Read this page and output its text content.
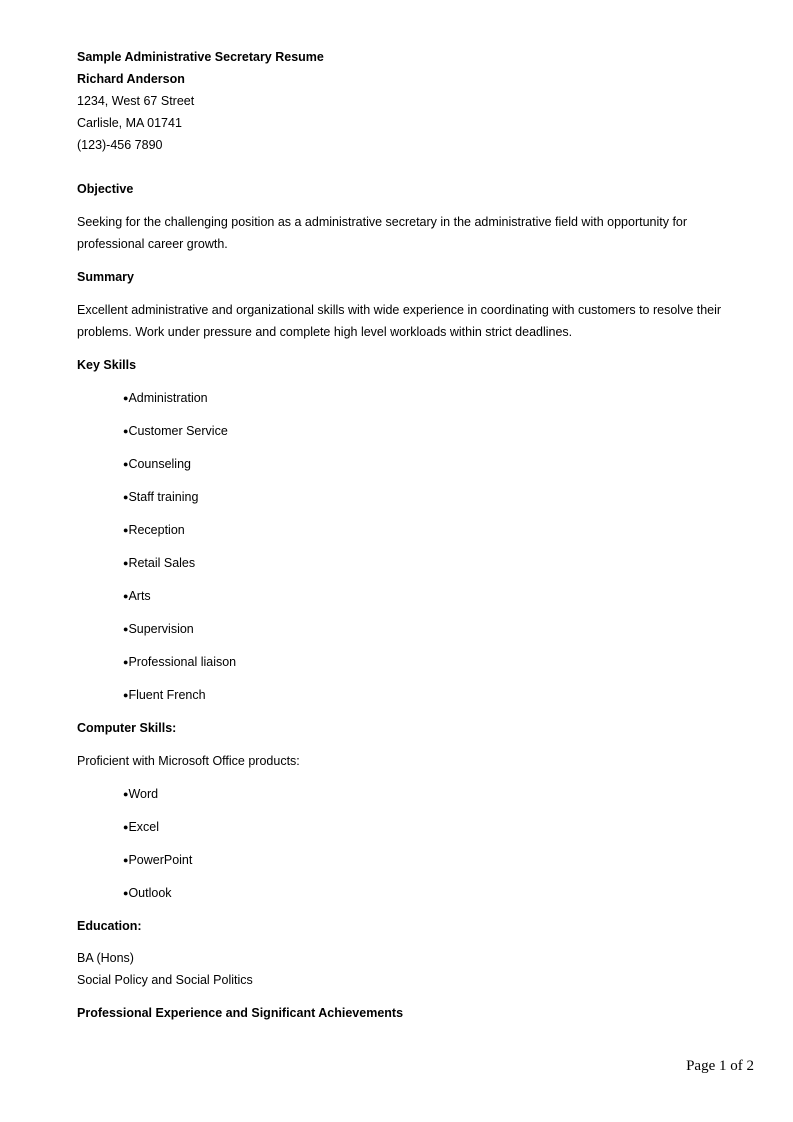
Sample Administrative Secretary Resume
Richard Anderson
1234, West 67 Street
Carlisle, MA 01741
(123)-456 7890
Objective
Seeking for the challenging position as a administrative secretary in the administrative field with opportunity for professional career growth.
Summary
Excellent administrative and organizational skills with wide experience in coordinating with customers to resolve their problems. Work under pressure and complete high level workloads within strict deadlines.
Key Skills
●Administration
●Customer Service
●Counseling
●Staff training
●Reception
●Retail Sales
●Arts
●Supervision
●Professional liaison
●Fluent French
Computer Skills:
Proficient with Microsoft Office products:
●Word
●Excel
●PowerPoint
●Outlook
Education:
BA (Hons)
Social Policy and Social Politics
Professional Experience and Significant Achievements
Page 1 of 2
